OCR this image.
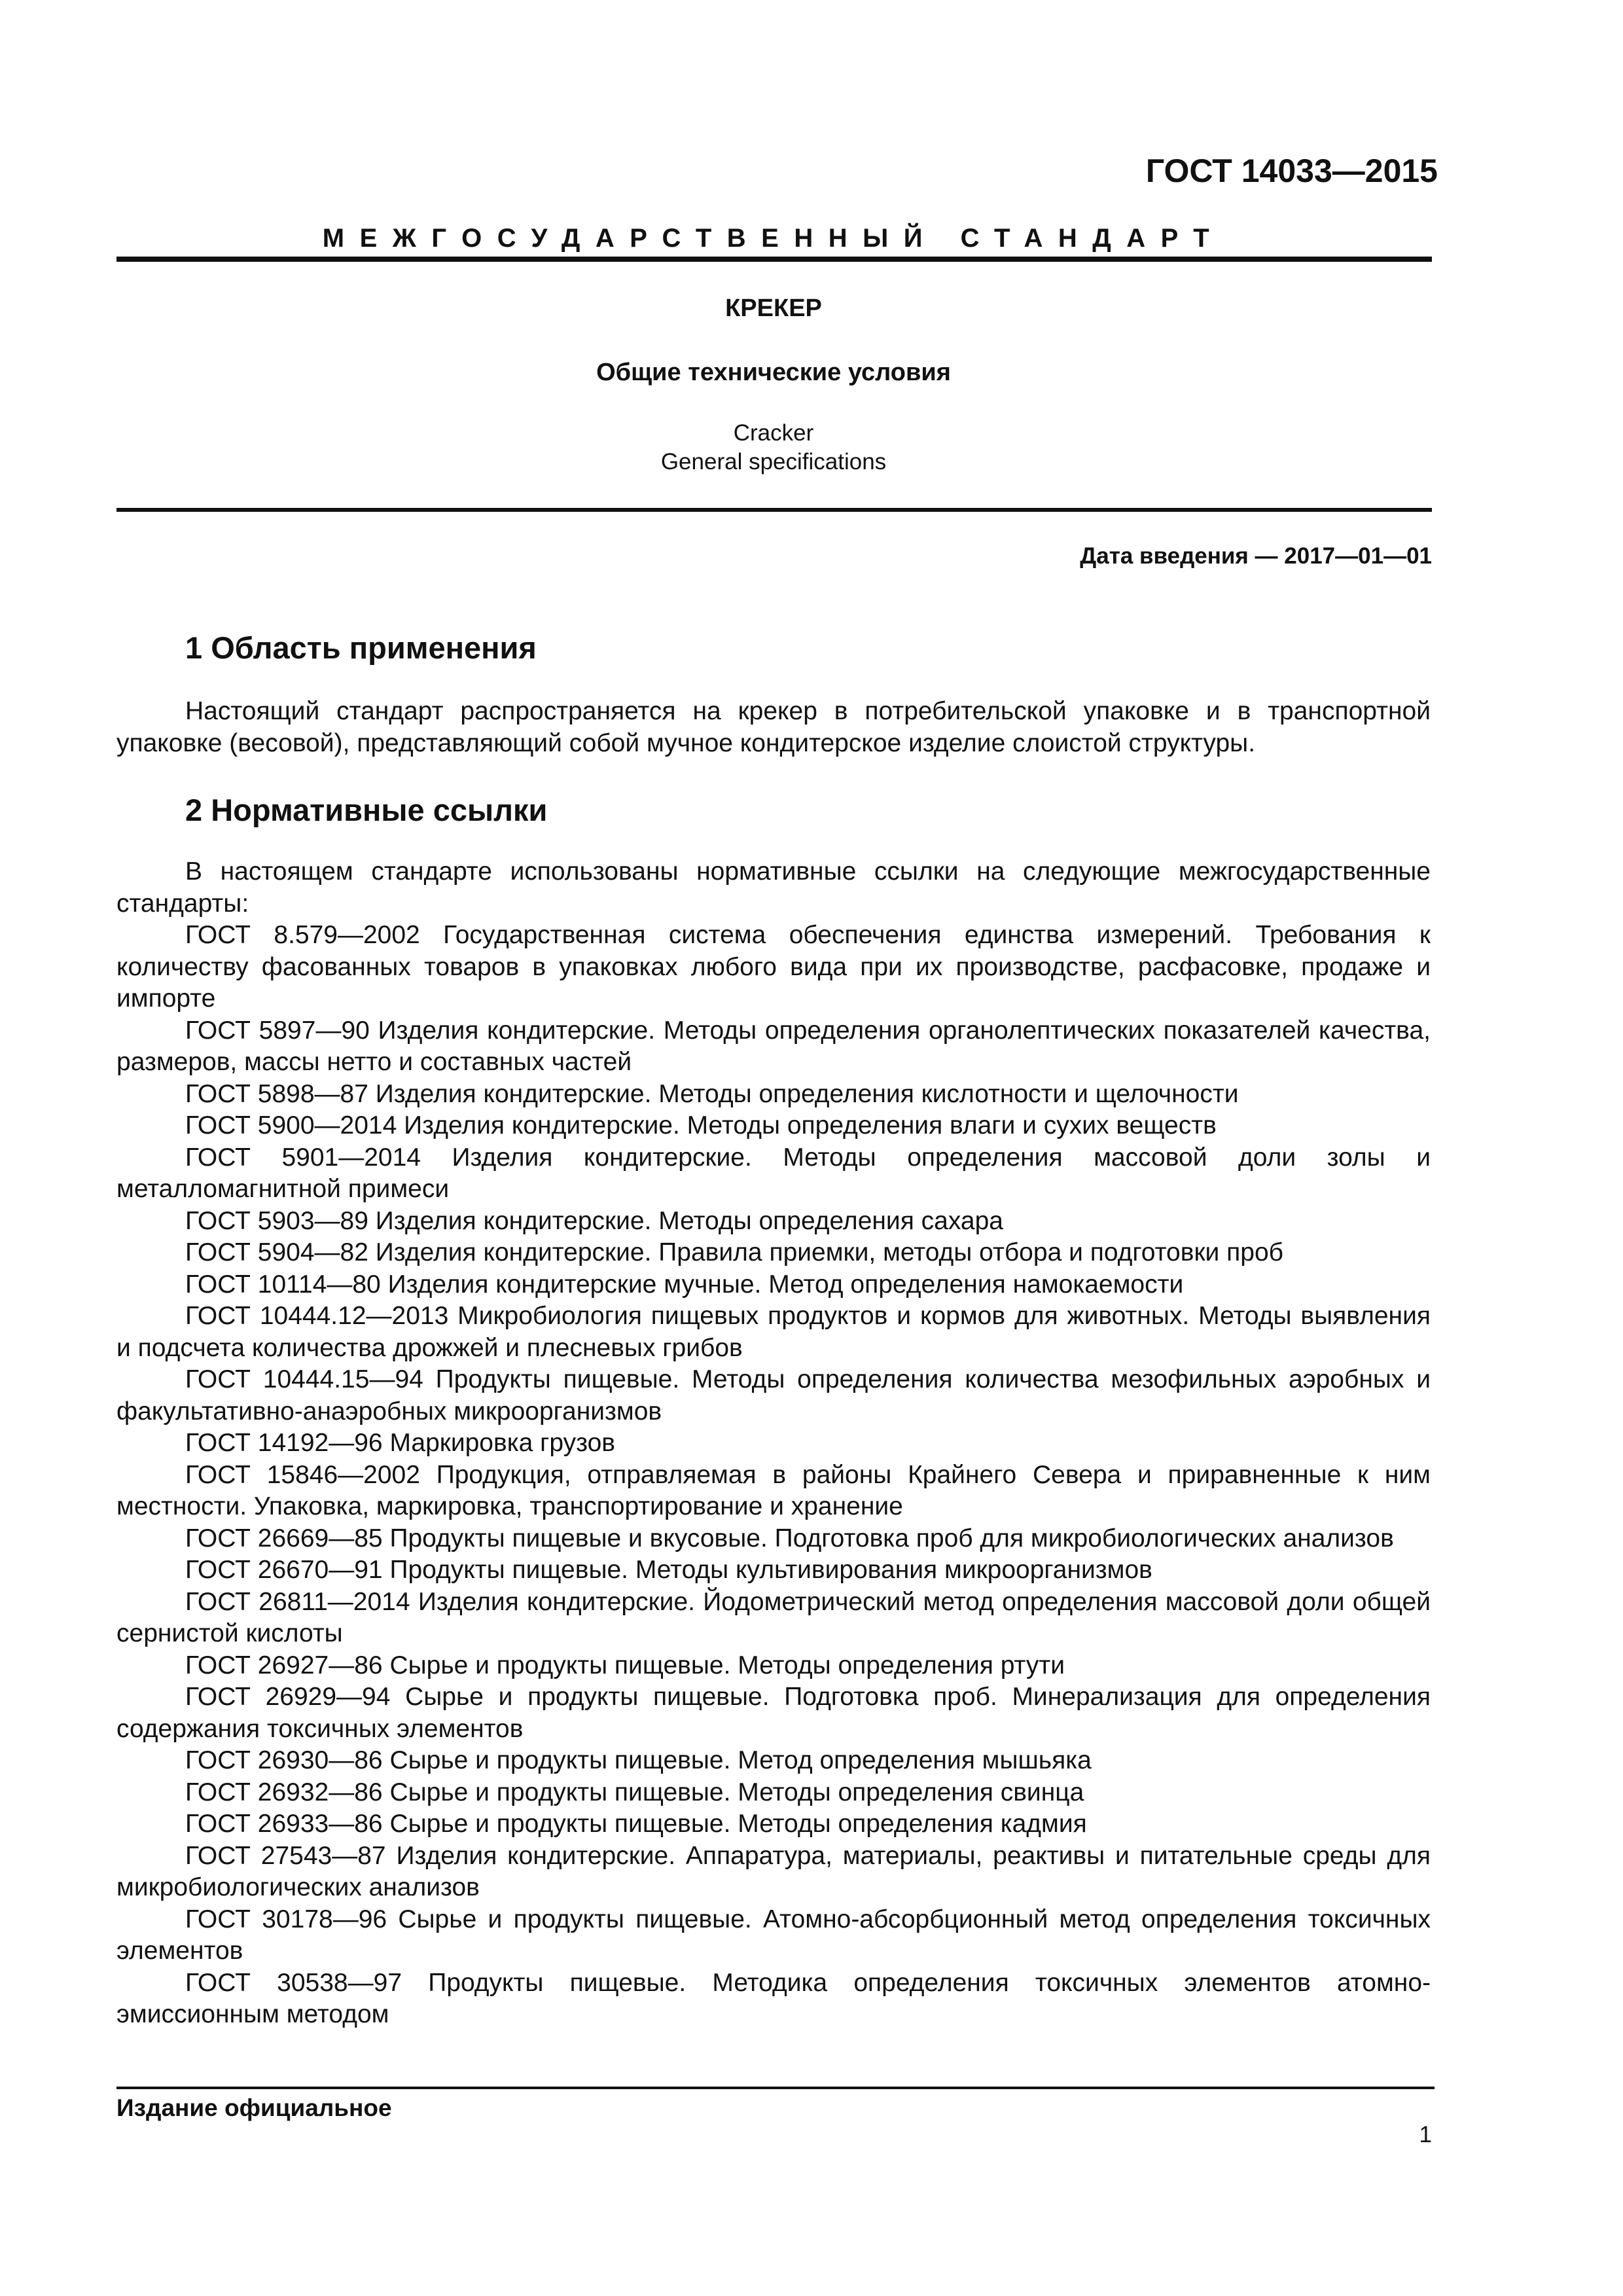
ГОСТ 14033—2015
МЕЖГОСУДАРСТВЕННЫЙ СТАНДАРТ
КРЕКЕР
Общие технические условия
Cracker
General specifications
Дата введения — 2017—01—01
1 Область применения

Настоящий стандарт распространяется на крекер в потребительской упаковке и в транспортной упаковке (весовой), представляющий собой мучное кондитерское изделие слоистой структуры.

2 Нормативные ссылки

В настоящем стандарте использованы нормативные ссылки на следующие межгосударственные стандарты:

ГОСТ 8.579—2002 Государственная система обеспечения единства измерений. Требования к количеству фасованных товаров в упаковках любого вида при их производстве, расфасовке, продаже и импорте

ГОСТ 5897—90 Изделия кондитерские. Методы определения органолептических показателей качества, размеров, массы нетто и составных частей

ГОСТ 5898—87 Изделия кондитерские. Методы определения кислотности и щелочности

ГОСТ 5900—2014 Изделия кондитерские. Методы определения влаги и сухих веществ

ГОСТ 5901—2014 Изделия кондитерские. Методы определения массовой доли золы и металломагнитной примеси

ГОСТ 5903—89 Изделия кондитерские. Методы определения сахара

ГОСТ 5904—82 Изделия кондитерские. Правила приемки, методы отбора и подготовки проб

ГОСТ 10114—80 Изделия кондитерские мучные. Метод определения намокаемости

ГОСТ 10444.12—2013 Микробиология пищевых продуктов и кормов для животных. Методы выявления и подсчета количества дрожжей и плесневых грибов

ГОСТ 10444.15—94 Продукты пищевые. Методы определения количества мезофильных аэробных и факультативно-анаэробных микроорганизмов

ГОСТ 14192—96 Маркировка грузов

ГОСТ 15846—2002 Продукция, отправляемая в районы Крайнего Севера и приравненные к ним местности. Упаковка, маркировка, транспортирование и хранение

ГОСТ 26669—85 Продукты пищевые и вкусовые. Подготовка проб для микробиологических анализов

ГОСТ 26670—91 Продукты пищевые. Методы культивирования микроорганизмов

ГОСТ 26811—2014 Изделия кондитерские. Йодометрический метод определения массовой доли общей сернистой кислоты

ГОСТ 26927—86 Сырье и продукты пищевые. Методы определения ртути

ГОСТ 26929—94 Сырье и продукты пищевые. Подготовка проб. Минерализация для определения содержания токсичных элементов

ГОСТ 26930—86 Сырье и продукты пищевые. Метод определения мышьяка

ГОСТ 26932—86 Сырье и продукты пищевые. Методы определения свинца

ГОСТ 26933—86 Сырье и продукты пищевые. Методы определения кадмия

ГОСТ 27543—87 Изделия кондитерские. Аппаратура, материалы, реактивы и питательные среды для микробиологических анализов

ГОСТ 30178—96 Сырье и продукты пищевые. Атомно-абсорбционный метод определения токсичных элементов

ГОСТ 30538—97 Продукты пищевые. Методика определения токсичных элементов атомно-эмиссионным методом

Издание официальное
1
